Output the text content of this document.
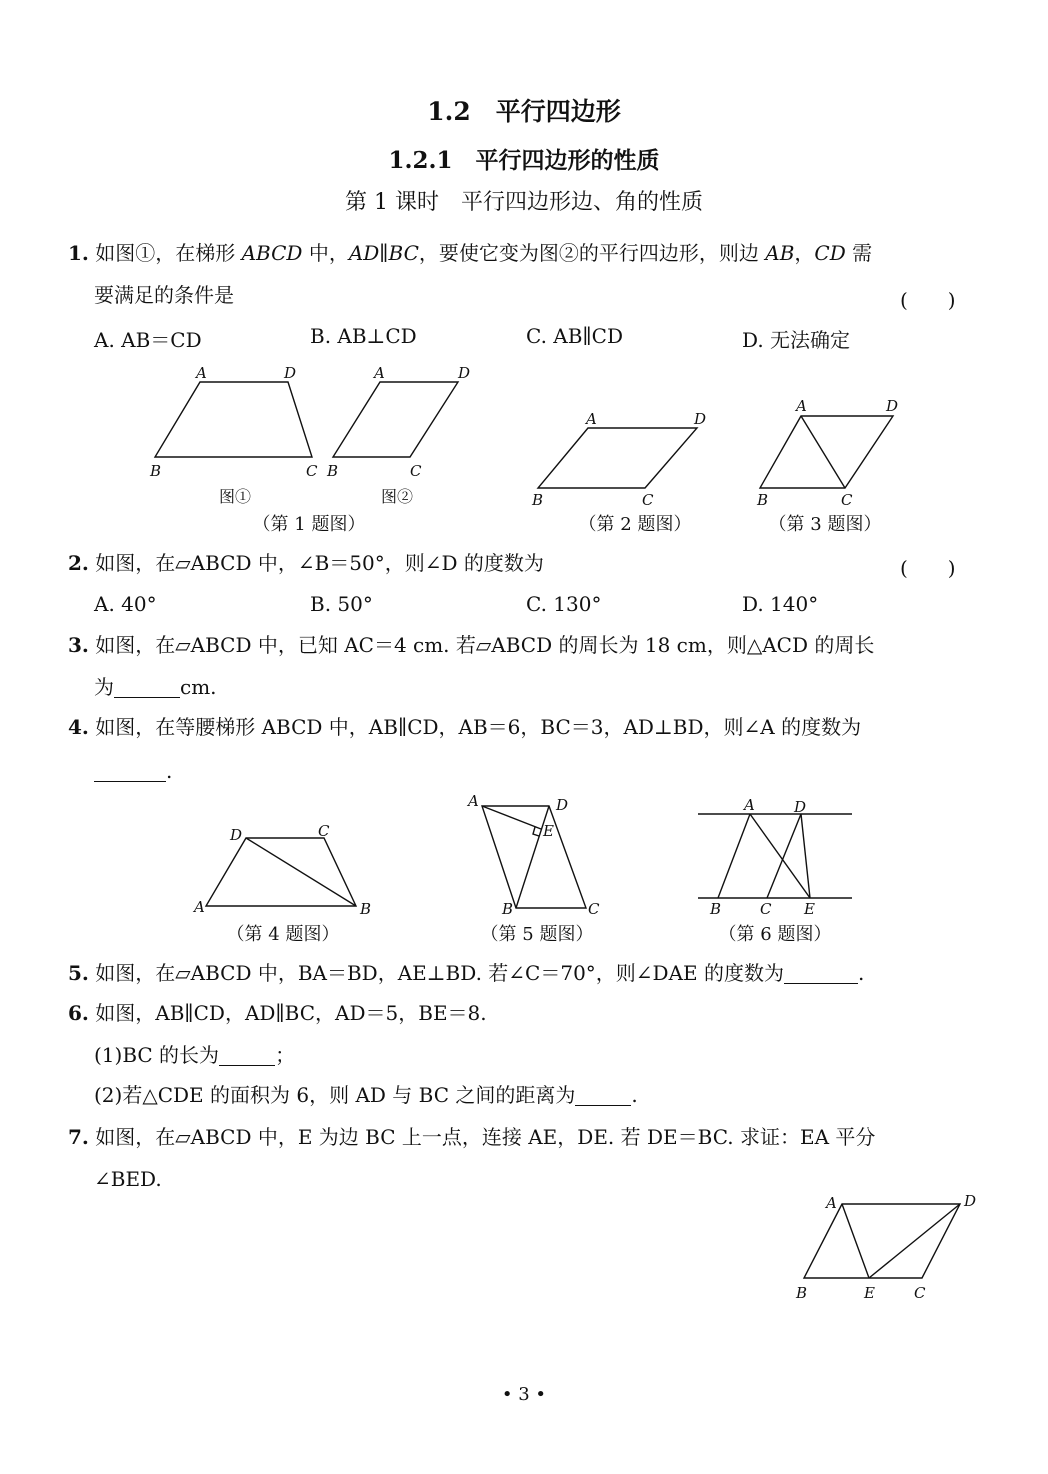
1.2　平行四边形
1.2.1　平行四边形的性质
第 1 课时　平行四边形边、角的性质
1. 如图①，在梯形 ABCD 中，AD∥BC，要使它变为图②的平行四边形，则边 AB，CD 需
要满足的条件是	(　　)
A. AB＝CD	B. AB⊥CD	C. AB∥CD	D. 无法确定
A	D
B	C
A	D
B	C
A	D
B	C
A	D
B	C
图①	图②
（第 1 题图）	（第 2 题图）	（第 3 题图）
2. 如图，在▱ABCD 中，∠B＝50°，则∠D 的度数为	(　　)
A. 40°	B. 50°	C. 130°	D. 140°
3. 如图，在▱ABCD 中，已知 AC＝4 cm. 若▱ABCD 的周长为 18 cm，则△ACD 的周长
为	cm.
4. 如图，在等腰梯形 ABCD 中，AB∥CD，AB＝6，BC＝3，AD⊥BD，则∠A 的度数为
.
D	C
A	B
A	D
E
B	C
A	D
B	C E
（第 4 题图）	（第 5 题图）	（第 6 题图）
5. 如图，在▱ABCD 中，BA＝BD，AE⊥BD. 若∠C＝70°，则∠DAE 的度数为	.
6. 如图，AB∥CD，AD∥BC，AD＝5，BE＝8.
(1)BC 的长为	；
(2)若△CDE 的面积为 6，则 AD 与 BC 之间的距离为	.
7. 如图，在▱ABCD 中，E 为边 BC 上一点，连接 AE，DE. 若 DE＝BC. 求证：EA 平分
∠BED.
A	D
B	E	C
• 3 •
